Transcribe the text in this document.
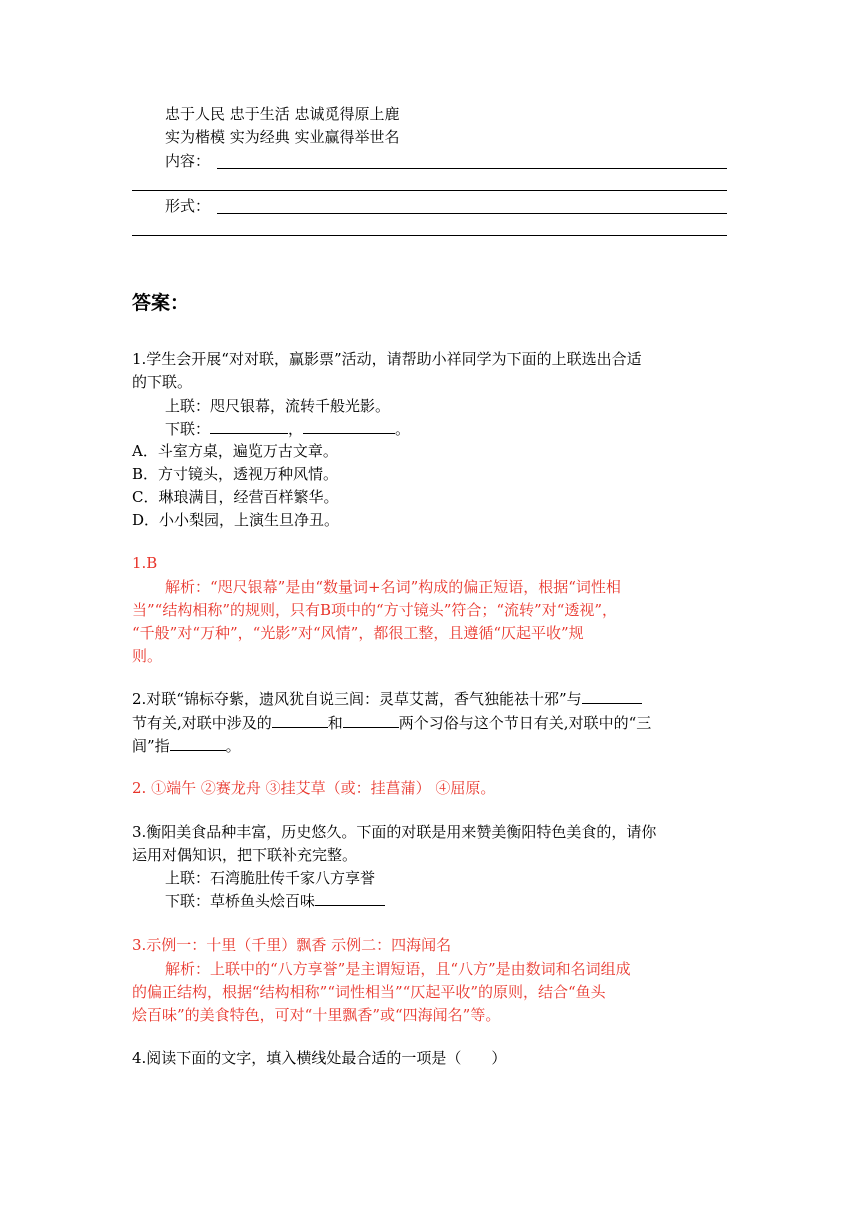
忠于人民 忠于生活 忠诚觅得原上鹿
实为楷模 实为经典 实业赢得举世名
内容：
形式：
答案：
1.学生会开展“对对联，赢影票”活动，请帮助小祥同学为下面的上联选出合适
的下联。
上联：咫尺银幕，流转千般光影。
下联：	，	。
A．斗室方桌，遍览万古文章。
B．方寸镜头，透视万种风情。
C．琳琅满目，经营百样繁华。
D．小小梨园，上演生旦净丑。
1.B
解析：“咫尺银幕”是由“数量词+名词”构成的偏正短语，根据“词性相
当”“结构相称”的规则，只有B项中的“方寸镜头”符合；“流转”对“透视”，
“千般”对“万种”，“光影”对“风情”，都很工整，且遵循“仄起平收”规
则。
2.对联“锦标夺紫，遗风犹自说三闾：灵草艾蒿，香气独能祛十邪”与
节有关,对联中涉及的	和	两个习俗与这个节日有关,对联中的“三
闾”指	。
2. ①端午 ②赛龙舟 ③挂艾草（或：挂菖蒲） ④屈原。
3.衡阳美食品种丰富，历史悠久。下面的对联是用来赞美衡阳特色美食的，请你
运用对偶知识，把下联补充完整。
上联：石湾脆肚传千家八方享誉
下联：草桥鱼头烩百味
3.示例一：十里（千里）飘香 示例二：四海闻名
解析：上联中的“八方享誉”是主谓短语，且“八方”是由数词和名词组成
的偏正结构，根据“结构相称”“词性相当”“仄起平收”的原则，结合“鱼头
烩百味”的美食特色，可对“十里飘香”或“四海闻名”等。
4.阅读下面的文字，填入横线处最合适的一项是（　　）
